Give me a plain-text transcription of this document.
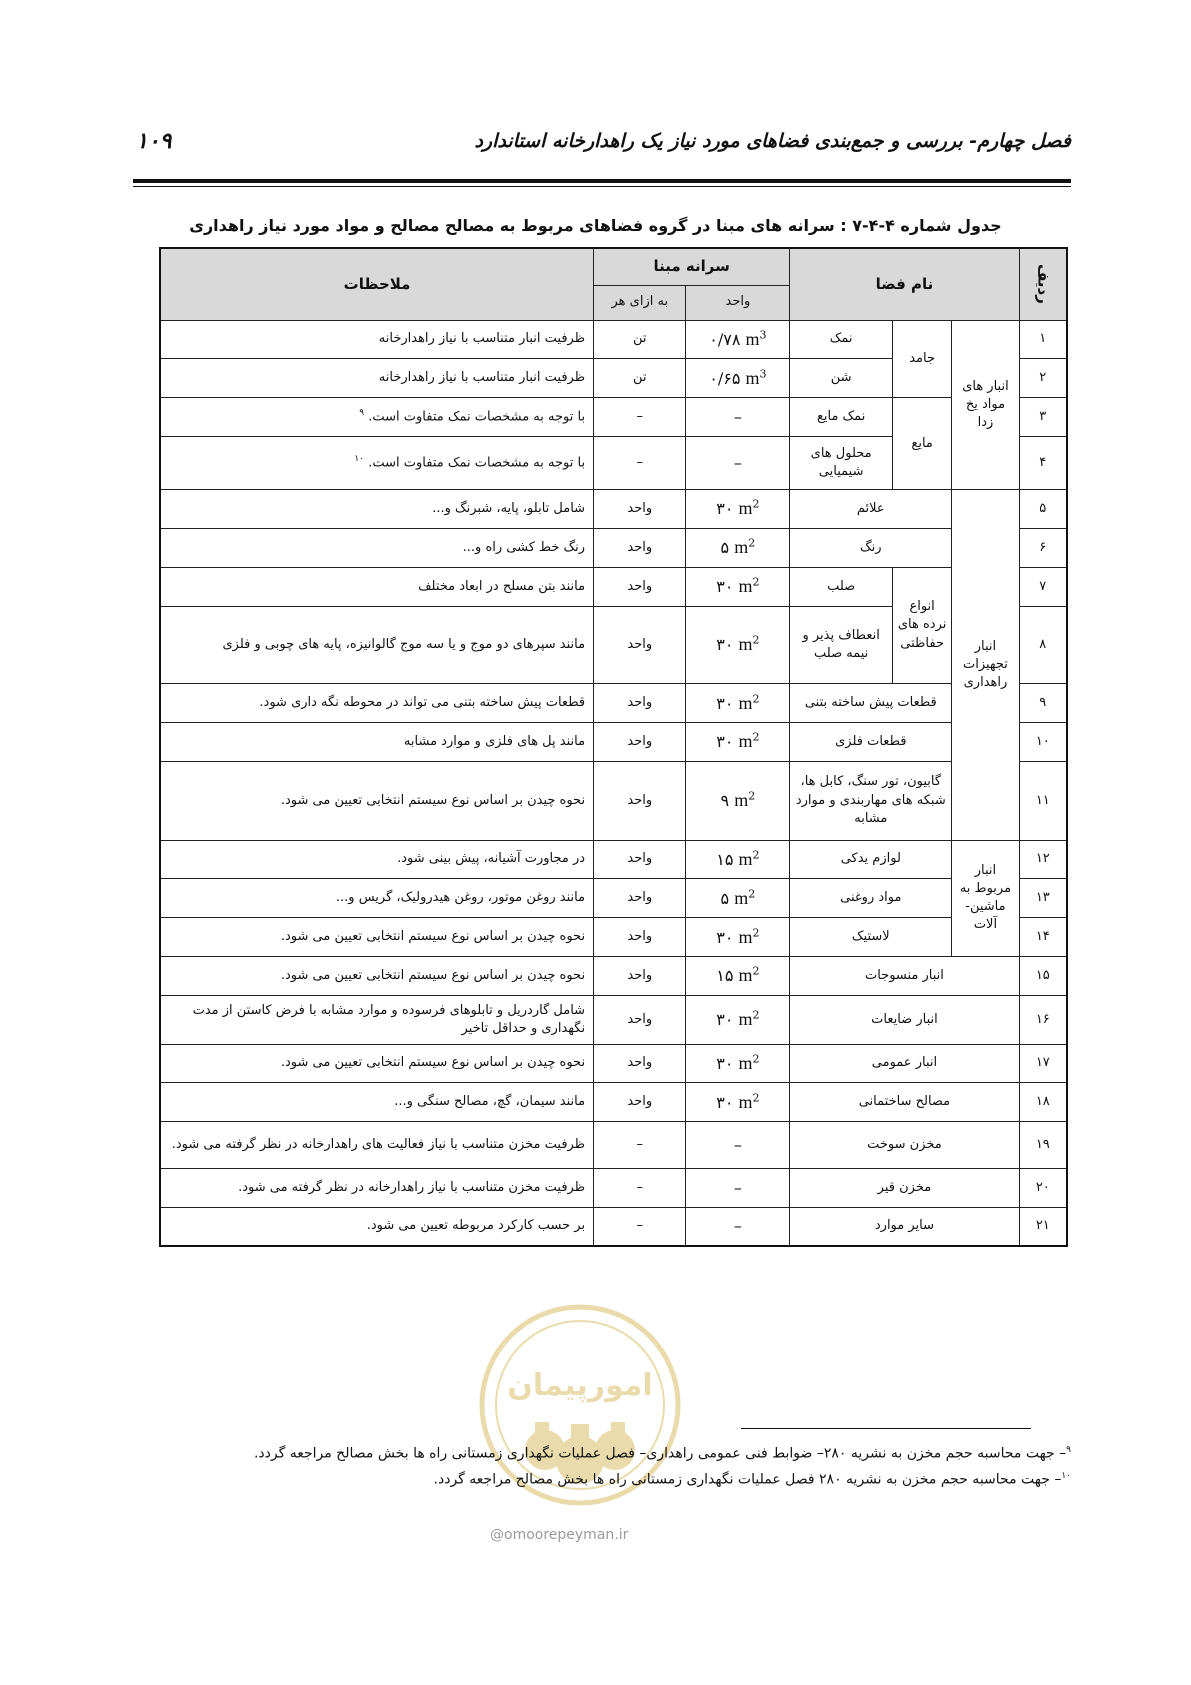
۱۰۹	فصل چهارم- بررسی و جمع‌بندی فضاهای مورد نیاز یک راهدارخانه استاندارد
جدول شماره ۴-۴-۷ : سرانه های مبنا در گروه فضاهای مربوط به مصالح مصالح و مواد مورد نیاز راهداری
ردیف	نام فضا			سرانه مبنا		ملاحظات
				واحد	به ازای هر	
۱	انبار های مواد یخ زدا	جامد	نمک	۰/۷۸ $m^3$	تن	ظرفیت انبار متناسب با نیاز راهدارخانه
۲			شن	۰/۶۵ $m^3$	تن	ظرفیت انبار متناسب با نیاز راهدارخانه
۳		مایع	نمک مایع	–	–	با توجه به مشخصات نمک متفاوت است. $^۹$
۴			محلول های شیمیایی	–	–	با توجه به مشخصات نمک متفاوت است. $^{۱۰}$
۵	انبار تجهیزات راهداری	علائم		۳۰ $m^2$	واحد	شامل تابلو، پایه، شبرنگ و...
۶		رنگ		۵ $m^2$	واحد	رنگ خط کشی راه و...
۷		انواع نرده های حفاظتی	صلب	۳۰ $m^2$	واحد	مانند بتن مسلح در ابعاد مختلف
۸			انعطاف پذیر و نیمه صلب	۳۰ $m^2$	واحد	مانند سپرهای دو موج و یا سه موج گالوانیزه، پایه های چوبی و فلزی
۹		قطعات پیش ساخته بتنی		۳۰ $m^2$	واحد	قطعات پیش ساخته بتنی می تواند در محوطه نگه داری شود.
۱۰		قطعات فلزی		۳۰ $m^2$	واحد	مانند پل های فلزی و موارد مشابه
۱۱		گابیون، تور سنگ، کابل ها، شبکه های مهاربندی و موارد مشابه		۹ $m^2$	واحد	نحوه چیدن بر اساس نوع سیستم انتخابی تعیین می شود.
۱۲	انبار مربوط به ماشین- آلات	لوازم یدکی		۱۵ $m^2$	واحد	در مجاورت آشیانه، پیش بینی شود.
۱۳		مواد روغنی		۵ $m^2$	واحد	مانند روغن موتور، روغن هیدرولیک، گریس و...
۱۴		لاستیک		۳۰ $m^2$	واحد	نحوه چیدن بر اساس نوع سیستم انتخابی تعیین می شود.
۱۵	انبار منسوجات			۱۵ $m^2$	واحد	نحوه چیدن بر اساس نوع سیستم انتخابی تعیین می شود.
۱۶	انبار ضایعات			۳۰ $m^2$	واحد	شامل گاردریل و تابلوهای فرسوده و موارد مشابه با فرض کاستن از مدت نگهداری و حداقل تاخیر
۱۷	انبار عمومی			۳۰ $m^2$	واحد	نحوه چیدن بر اساس نوع سیستم انتخابی تعیین می شود.
۱۸	مصالح ساختمانی			۳۰ $m^2$	واحد	مانند سیمان، گچ، مصالح سنگی و...
۱۹	مخزن سوخت			–	–	ظرفیت مخزن متناسب با نیاز فعالیت های راهدارخانه در نظر گرفته می شود.
۲۰	مخزن قیر			–	–	ظرفیت مخزن متناسب با نیاز راهدارخانه در نظر گرفته می شود.
۲۱	سایر موارد			–	–	بر حسب کارکرد مربوطه تعیین می شود.
امورپیمان
@omoorepeyman.ir

$^۹$– جهت محاسبه حجم مخزن به نشریه ۲۸۰– ضوابط فنی عمومی راهداری– فصل عملیات نگهداری زمستانی راه ها بخش مصالح مراجعه گردد.

$^{۱۰}$– جهت محاسبه حجم مخزن به نشریه ۲۸۰ فصل عملیات نگهداری زمستانی راه ها بخش مصالح مراجعه گردد.
